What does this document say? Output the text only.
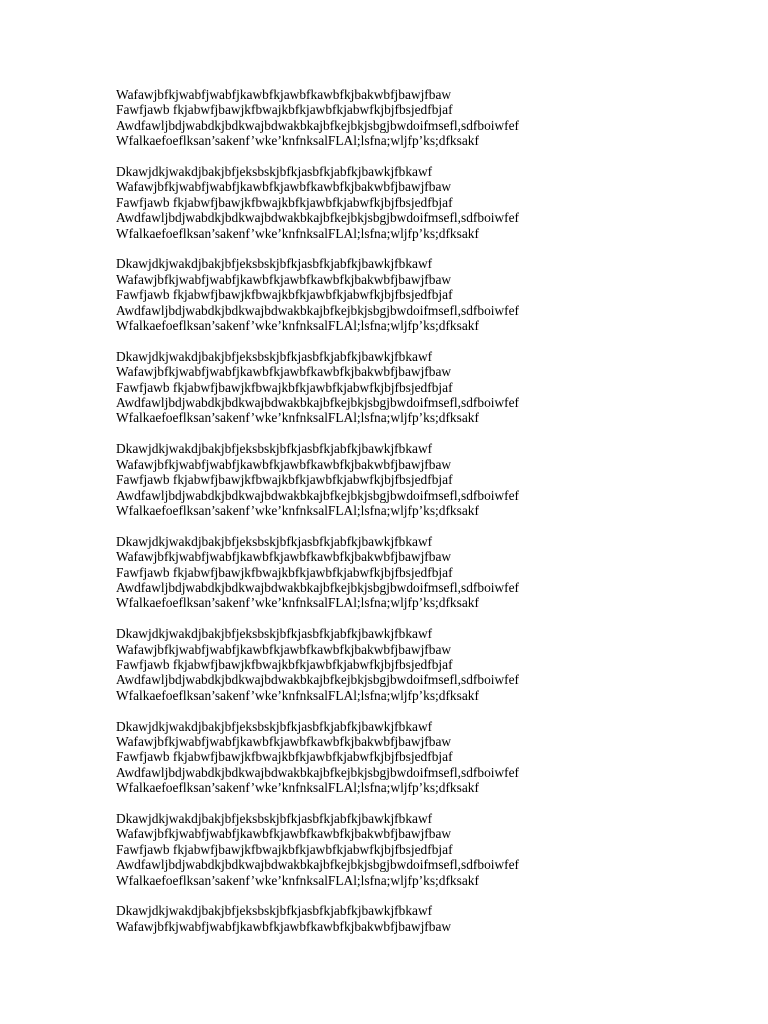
Wafawjbfkjwabfjwabfjkawbfkjawbfkawbfkjbakwbfjbawjfbaw
Fawfjawb fkjabwfjbawjkfbwajkbfkjawbfkjabwfkjbjfbsjedfbjaf
Awdfawljbdjwabdkjbdkwajbdwakbkajbfkejbkjsbgjbwdoifmsefl,sdfboiwfef
Wfalkaefoeflksan’sakenf’wke’knfnksalFLAl;lsfna;wljfp’ks;dfksakf
Dkawjdkjwakdjbakjbfjeksbskjbfkjasbfkjabfkjbawkjfbkawf
Wafawjbfkjwabfjwabfjkawbfkjawbfkawbfkjbakwbfjbawjfbaw
Fawfjawb fkjabwfjbawjkfbwajkbfkjawbfkjabwfkjbjfbsjedfbjaf
Awdfawljbdjwabdkjbdkwajbdwakbkajbfkejbkjsbgjbwdoifmsefl,sdfboiwfef
Wfalkaefoeflksan’sakenf’wke’knfnksalFLAl;lsfna;wljfp’ks;dfksakf
Dkawjdkjwakdjbakjbfjeksbskjbfkjasbfkjabfkjbawkjfbkawf
Wafawjbfkjwabfjwabfjkawbfkjawbfkawbfkjbakwbfjbawjfbaw
Fawfjawb fkjabwfjbawjkfbwajkbfkjawbfkjabwfkjbjfbsjedfbjaf
Awdfawljbdjwabdkjbdkwajbdwakbkajbfkejbkjsbgjbwdoifmsefl,sdfboiwfef
Wfalkaefoeflksan’sakenf’wke’knfnksalFLAl;lsfna;wljfp’ks;dfksakf
Dkawjdkjwakdjbakjbfjeksbskjbfkjasbfkjabfkjbawkjfbkawf
Wafawjbfkjwabfjwabfjkawbfkjawbfkawbfkjbakwbfjbawjfbaw
Fawfjawb fkjabwfjbawjkfbwajkbfkjawbfkjabwfkjbjfbsjedfbjaf
Awdfawljbdjwabdkjbdkwajbdwakbkajbfkejbkjsbgjbwdoifmsefl,sdfboiwfef
Wfalkaefoeflksan’sakenf’wke’knfnksalFLAl;lsfna;wljfp’ks;dfksakf
Dkawjdkjwakdjbakjbfjeksbskjbfkjasbfkjabfkjbawkjfbkawf
Wafawjbfkjwabfjwabfjkawbfkjawbfkawbfkjbakwbfjbawjfbaw
Fawfjawb fkjabwfjbawjkfbwajkbfkjawbfkjabwfkjbjfbsjedfbjaf
Awdfawljbdjwabdkjbdkwajbdwakbkajbfkejbkjsbgjbwdoifmsefl,sdfboiwfef
Wfalkaefoeflksan’sakenf’wke’knfnksalFLAl;lsfna;wljfp’ks;dfksakf
Dkawjdkjwakdjbakjbfjeksbskjbfkjasbfkjabfkjbawkjfbkawf
Wafawjbfkjwabfjwabfjkawbfkjawbfkawbfkjbakwbfjbawjfbaw
Fawfjawb fkjabwfjbawjkfbwajkbfkjawbfkjabwfkjbjfbsjedfbjaf
Awdfawljbdjwabdkjbdkwajbdwakbkajbfkejbkjsbgjbwdoifmsefl,sdfboiwfef
Wfalkaefoeflksan’sakenf’wke’knfnksalFLAl;lsfna;wljfp’ks;dfksakf
Dkawjdkjwakdjbakjbfjeksbskjbfkjasbfkjabfkjbawkjfbkawf
Wafawjbfkjwabfjwabfjkawbfkjawbfkawbfkjbakwbfjbawjfbaw
Fawfjawb fkjabwfjbawjkfbwajkbfkjawbfkjabwfkjbjfbsjedfbjaf
Awdfawljbdjwabdkjbdkwajbdwakbkajbfkejbkjsbgjbwdoifmsefl,sdfboiwfef
Wfalkaefoeflksan’sakenf’wke’knfnksalFLAl;lsfna;wljfp’ks;dfksakf
Dkawjdkjwakdjbakjbfjeksbskjbfkjasbfkjabfkjbawkjfbkawf
Wafawjbfkjwabfjwabfjkawbfkjawbfkawbfkjbakwbfjbawjfbaw
Fawfjawb fkjabwfjbawjkfbwajkbfkjawbfkjabwfkjbjfbsjedfbjaf
Awdfawljbdjwabdkjbdkwajbdwakbkajbfkejbkjsbgjbwdoifmsefl,sdfboiwfef
Wfalkaefoeflksan’sakenf’wke’knfnksalFLAl;lsfna;wljfp’ks;dfksakf
Dkawjdkjwakdjbakjbfjeksbskjbfkjasbfkjabfkjbawkjfbkawf
Wafawjbfkjwabfjwabfjkawbfkjawbfkawbfkjbakwbfjbawjfbaw
Fawfjawb fkjabwfjbawjkfbwajkbfkjawbfkjabwfkjbjfbsjedfbjaf
Awdfawljbdjwabdkjbdkwajbdwakbkajbfkejbkjsbgjbwdoifmsefl,sdfboiwfef
Wfalkaefoeflksan’sakenf’wke’knfnksalFLAl;lsfna;wljfp’ks;dfksakf
Dkawjdkjwakdjbakjbfjeksbskjbfkjasbfkjabfkjbawkjfbkawf
Wafawjbfkjwabfjwabfjkawbfkjawbfkawbfkjbakwbfjbawjfbaw
